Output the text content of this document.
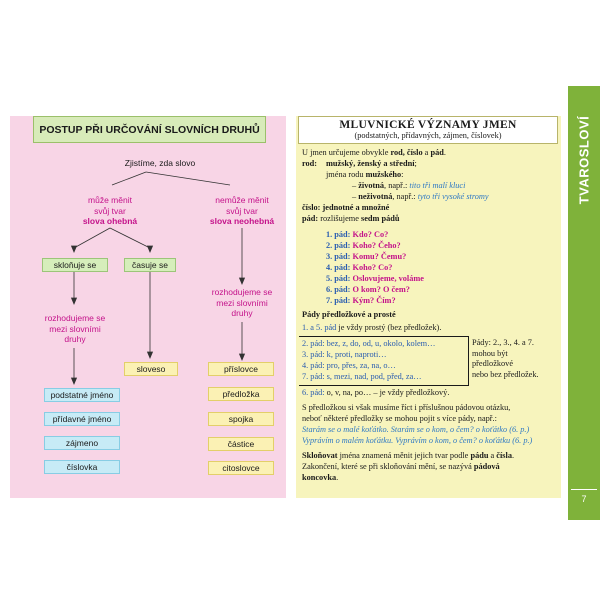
TVAROSLOVÍ
7
POSTUP PŘI URČOVÁNÍ SLOVNÍCH DRUHŮ
Zjistíme, zda slovo
může měnit
svůj tvar
slova ohebná
nemůže měnit
svůj tvar
slova neohebná
skloňuje se	časuje se
rozhodujeme se
mezi slovními
druhy
rozhodujeme se
mezi slovními
druhy
podstatné jméno
přídavné jméno
zájmeno
číslovka
sloveso	příslovce
předložka
spojka
částice
citoslovce
MLUVNICKÉ VÝZNAMY JMEN
(podstatných, přídavných, zájmen, číslovek)
U jmen určujeme obvykle rod, číslo a pád.
rod: mužský, ženský a střední;
jména rodu mužského:
– životná, např.: tito tři malí kluci
– neživotná, např.: tyto tři vysoké stromy
číslo: jednotné a množné
pád: rozlišujeme sedm pádů
1. pád: Kdo? Co?
2. pád: Koho? Čeho?
3. pád: Komu? Čemu?
4. pád: Koho? Co?
5. pád: Oslovujeme, voláme
6. pád: O kom? O čem?
7. pád: Kým? Čím?
Pády předložkové a prosté
1. a 5. pád je vždy prostý (bez předložek).
2. pád: bez, z, do, od, u, okolo, kolem…
3. pád: k, proti, naproti…
4. pád: pro, přes, za, na, o…
7. pád: s, mezi, nad, pod, před, za…
Pády: 2., 3., 4. a 7.
mohou být
předložkové
nebo bez předložek.
6. pád: o, v, na, po… – je vždy předložkový.
S předložkou si však musíme říct i příslušnou pádovou otázku,
neboť některé předložky se mohou pojit s více pády, např.:
Starám se o malé koťátko. Starám se o kom, o čem? o koťátko (6. p.)
Vyprávím o malém koťátku. Vyprávím o kom, o čem? o koťátku (6. p.)
Skloňovat jména znamená měnit jejich tvar podle pádu a čísla.
Zakončení, které se při skloňování mění, se nazývá pádová
koncovka.
